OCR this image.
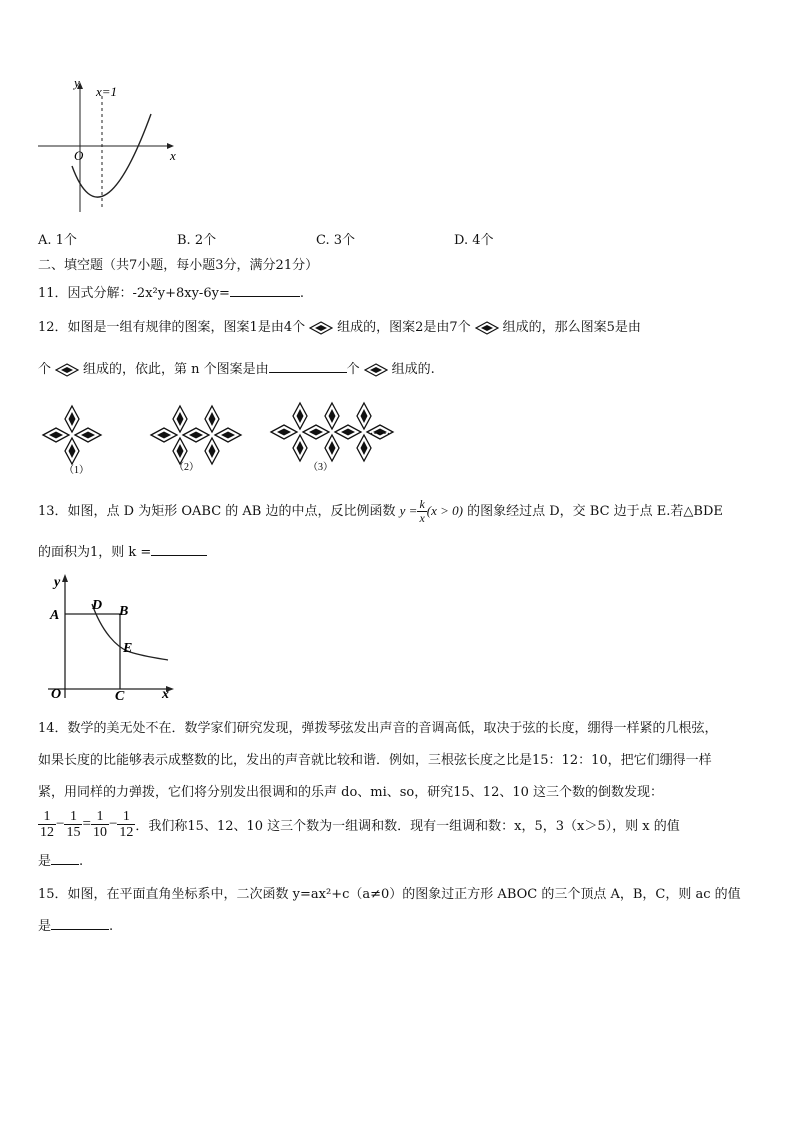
y
x=1
O	x
A. 1个	B. 2个	C. 3个	D. 4个
二、填空题（共7小题，每小题3分，满分21分）
11．因式分解：-2x²y+8xy-6y=	.
12．如图是一组有规律的图案，图案1是由4个 组成的，图案2是由7个 组成的，那么图案5是由
个 组成的，依此，第 n 个图案是由	个 组成的.
（1）	（2）	（3）
……
13．如图，点 D 为矩形 OABC 的 AB 边的中点，反比例函数 $y = \frac{k}{x} (x > 0)$ 的图象经过点 D，交 BC 边于点 E.若△BDE
的面积为1，则 k =
y
x
O
A
D B
E
C
14．数学的美无处不在．数学家们研究发现，弹拨琴弦发出声音的音调高低，取决于弦的长度，绷得一样紧的几根弦，
如果长度的比能够表示成整数的比，发出的声音就比较和谐．例如，三根弦长度之比是15：12：10，把它们绷得一样
紧，用同样的力弹拨，它们将分别发出很调和的乐声 do、mi、so，研究15、12、10 这三个数的倒数发现：
$\frac{1}{12} - \frac{1}{15} = \frac{1}{10} - \frac{1}{12}$ ．我们称15、12、10 这三个数为一组调和数．现有一组调和数：x，5，3（x＞5），则 x 的值
是 .
15．如图，在平面直角坐标系中，二次函数 y=ax²+c（a≠0）的图象过正方形 ABOC 的三个顶点 A，B，C，则 ac 的值
是	.
